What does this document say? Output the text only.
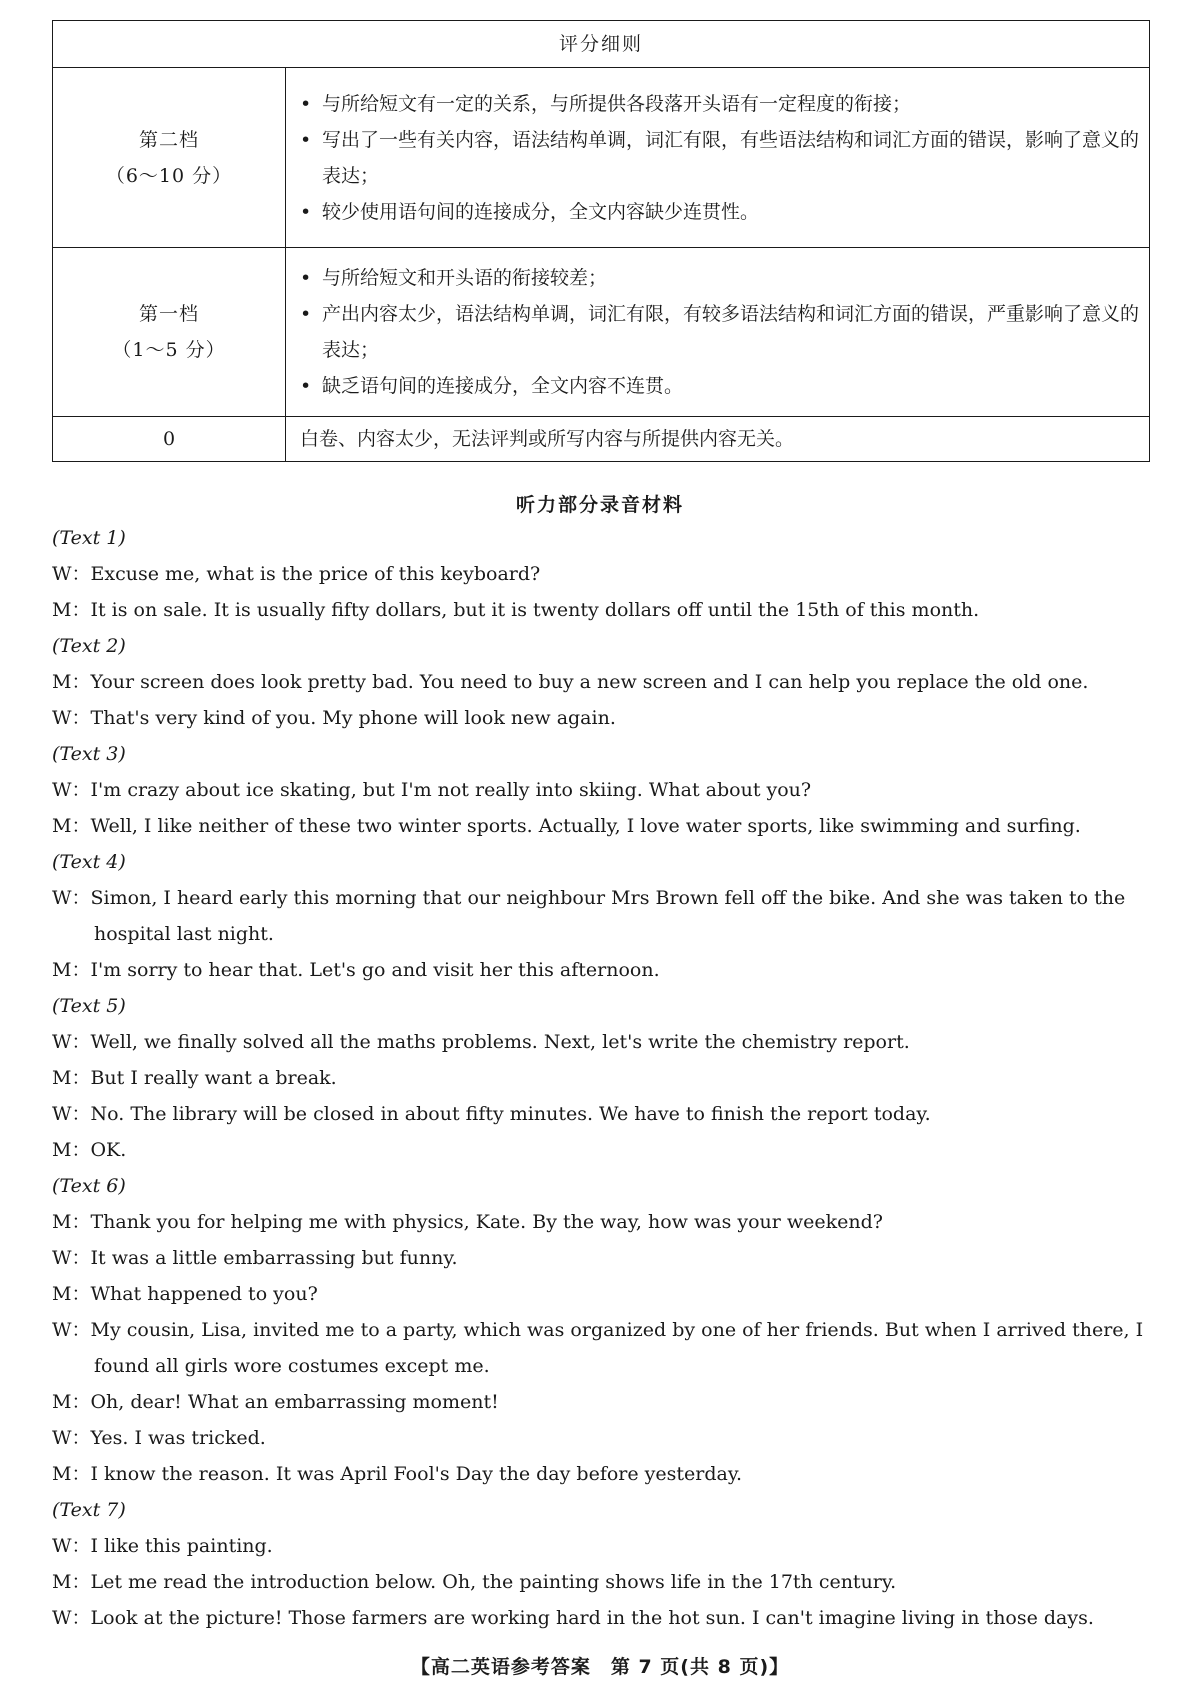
评分细则	

第二档
（6～10 分）	• 与所给短文有一定的关系，与所提供各段落开头语有一定程度的衔接；
• 写出了一些有关内容，语法结构单调，词汇有限，有些语法结构和词汇方面的错误，影响了意义的表达；
• 较少使用语句间的连接成分，全文内容缺少连贯性。

第一档
（1～5 分）	• 与所给短文和开头语的衔接较差；
• 产出内容太少，语法结构单调，词汇有限，有较多语法结构和词汇方面的错误，严重影响了意义的表达；
• 缺乏语句间的连接成分，全文内容不连贯。

0	白卷、内容太少，无法评判或所写内容与所提供内容无关。
听力部分录音材料
(Text 1)
W：Excuse me, what is the price of this keyboard?
M：It is on sale. It is usually fifty dollars, but it is twenty dollars off until the 15th of this month.
(Text 2)
M：Your screen does look pretty bad. You need to buy a new screen and I can help you replace the old one.
W：That's very kind of you. My phone will look new again.
(Text 3)
W：I'm crazy about ice skating, but I'm not really into skiing. What about you?
M：Well, I like neither of these two winter sports. Actually, I love water sports, like swimming and surfing.
(Text 4)
W：Simon, I heard early this morning that our neighbour Mrs Brown fell off the bike. And she was taken to the hospital last night.
M：I'm sorry to hear that. Let's go and visit her this afternoon.
(Text 5)
W：Well, we finally solved all the maths problems. Next, let's write the chemistry report.
M：But I really want a break.
W：No. The library will be closed in about fifty minutes. We have to finish the report today.
M：OK.
(Text 6)
M：Thank you for helping me with physics, Kate. By the way, how was your weekend?
W：It was a little embarrassing but funny.
M：What happened to you?
W：My cousin, Lisa, invited me to a party, which was organized by one of her friends. But when I arrived there, I found all girls wore costumes except me.
M：Oh, dear! What an embarrassing moment!
W：Yes. I was tricked.
M：I know the reason. It was April Fool's Day the day before yesterday.
(Text 7)
W：I like this painting.
M：Let me read the introduction below. Oh, the painting shows life in the 17th century.
W：Look at the picture! Those farmers are working hard in the hot sun. I can't imagine living in those days.
【高二英语参考答案　第 7 页(共 8 页)】
